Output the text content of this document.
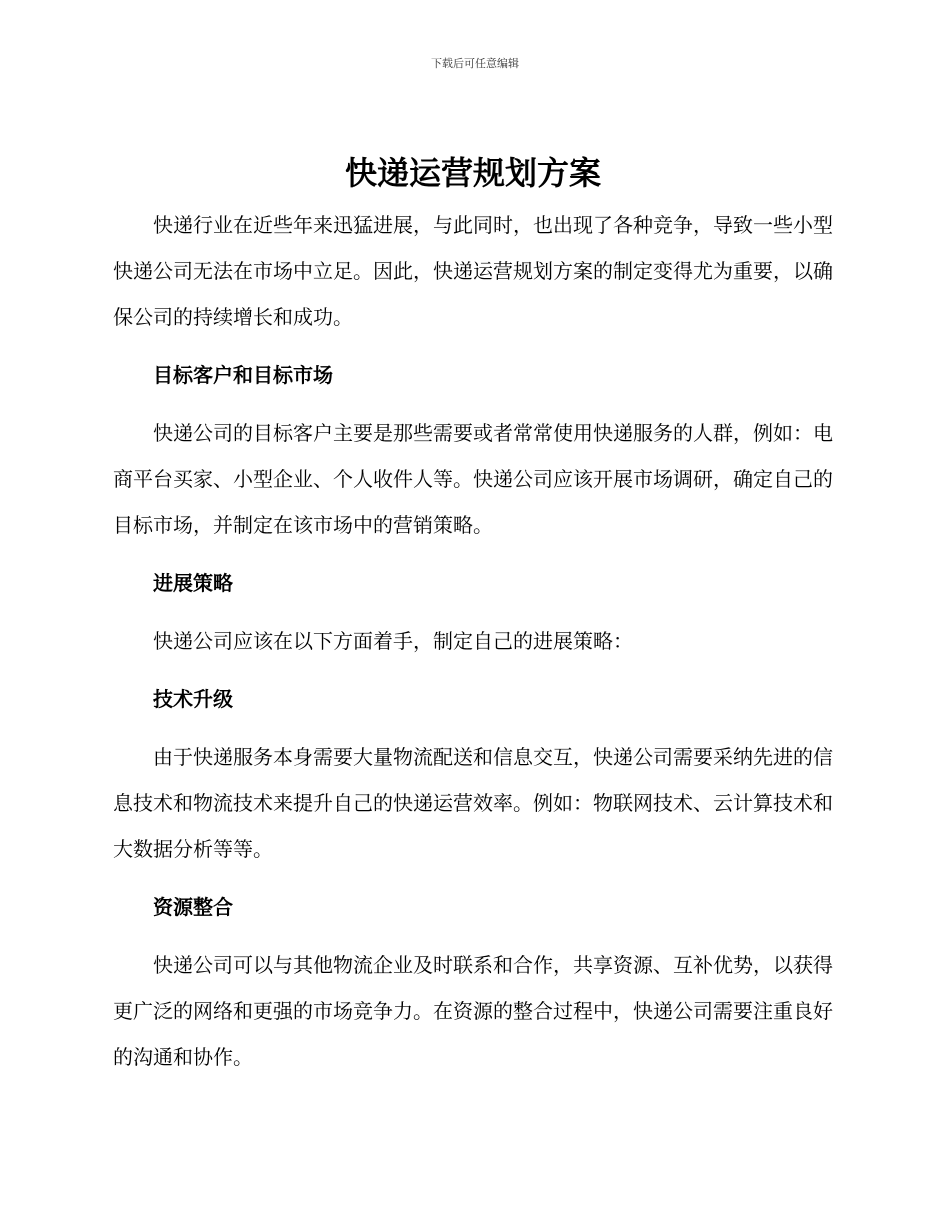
下载后可任意编辑
快递运营规划方案

快递行业在近些年来迅猛进展，与此同时，也出现了各种竞争，导致一些小型快递公司无法在市场中立足。因此，快递运营规划方案的制定变得尤为重要，以确保公司的持续增长和成功。

目标客户和目标市场

快递公司的目标客户主要是那些需要或者常常使用快递服务的人群，例如：电商平台买家、小型企业、个人收件人等。快递公司应该开展市场调研，确定自己的目标市场，并制定在该市场中的营销策略。

进展策略

快递公司应该在以下方面着手，制定自己的进展策略：

技术升级

由于快递服务本身需要大量物流配送和信息交互，快递公司需要采纳先进的信息技术和物流技术来提升自己的快递运营效率。例如：物联网技术、云计算技术和大数据分析等等。

资源整合

快递公司可以与其他物流企业及时联系和合作，共享资源、互补优势，以获得更广泛的网络和更强的市场竞争力。在资源的整合过程中，快递公司需要注重良好的沟通和协作。
